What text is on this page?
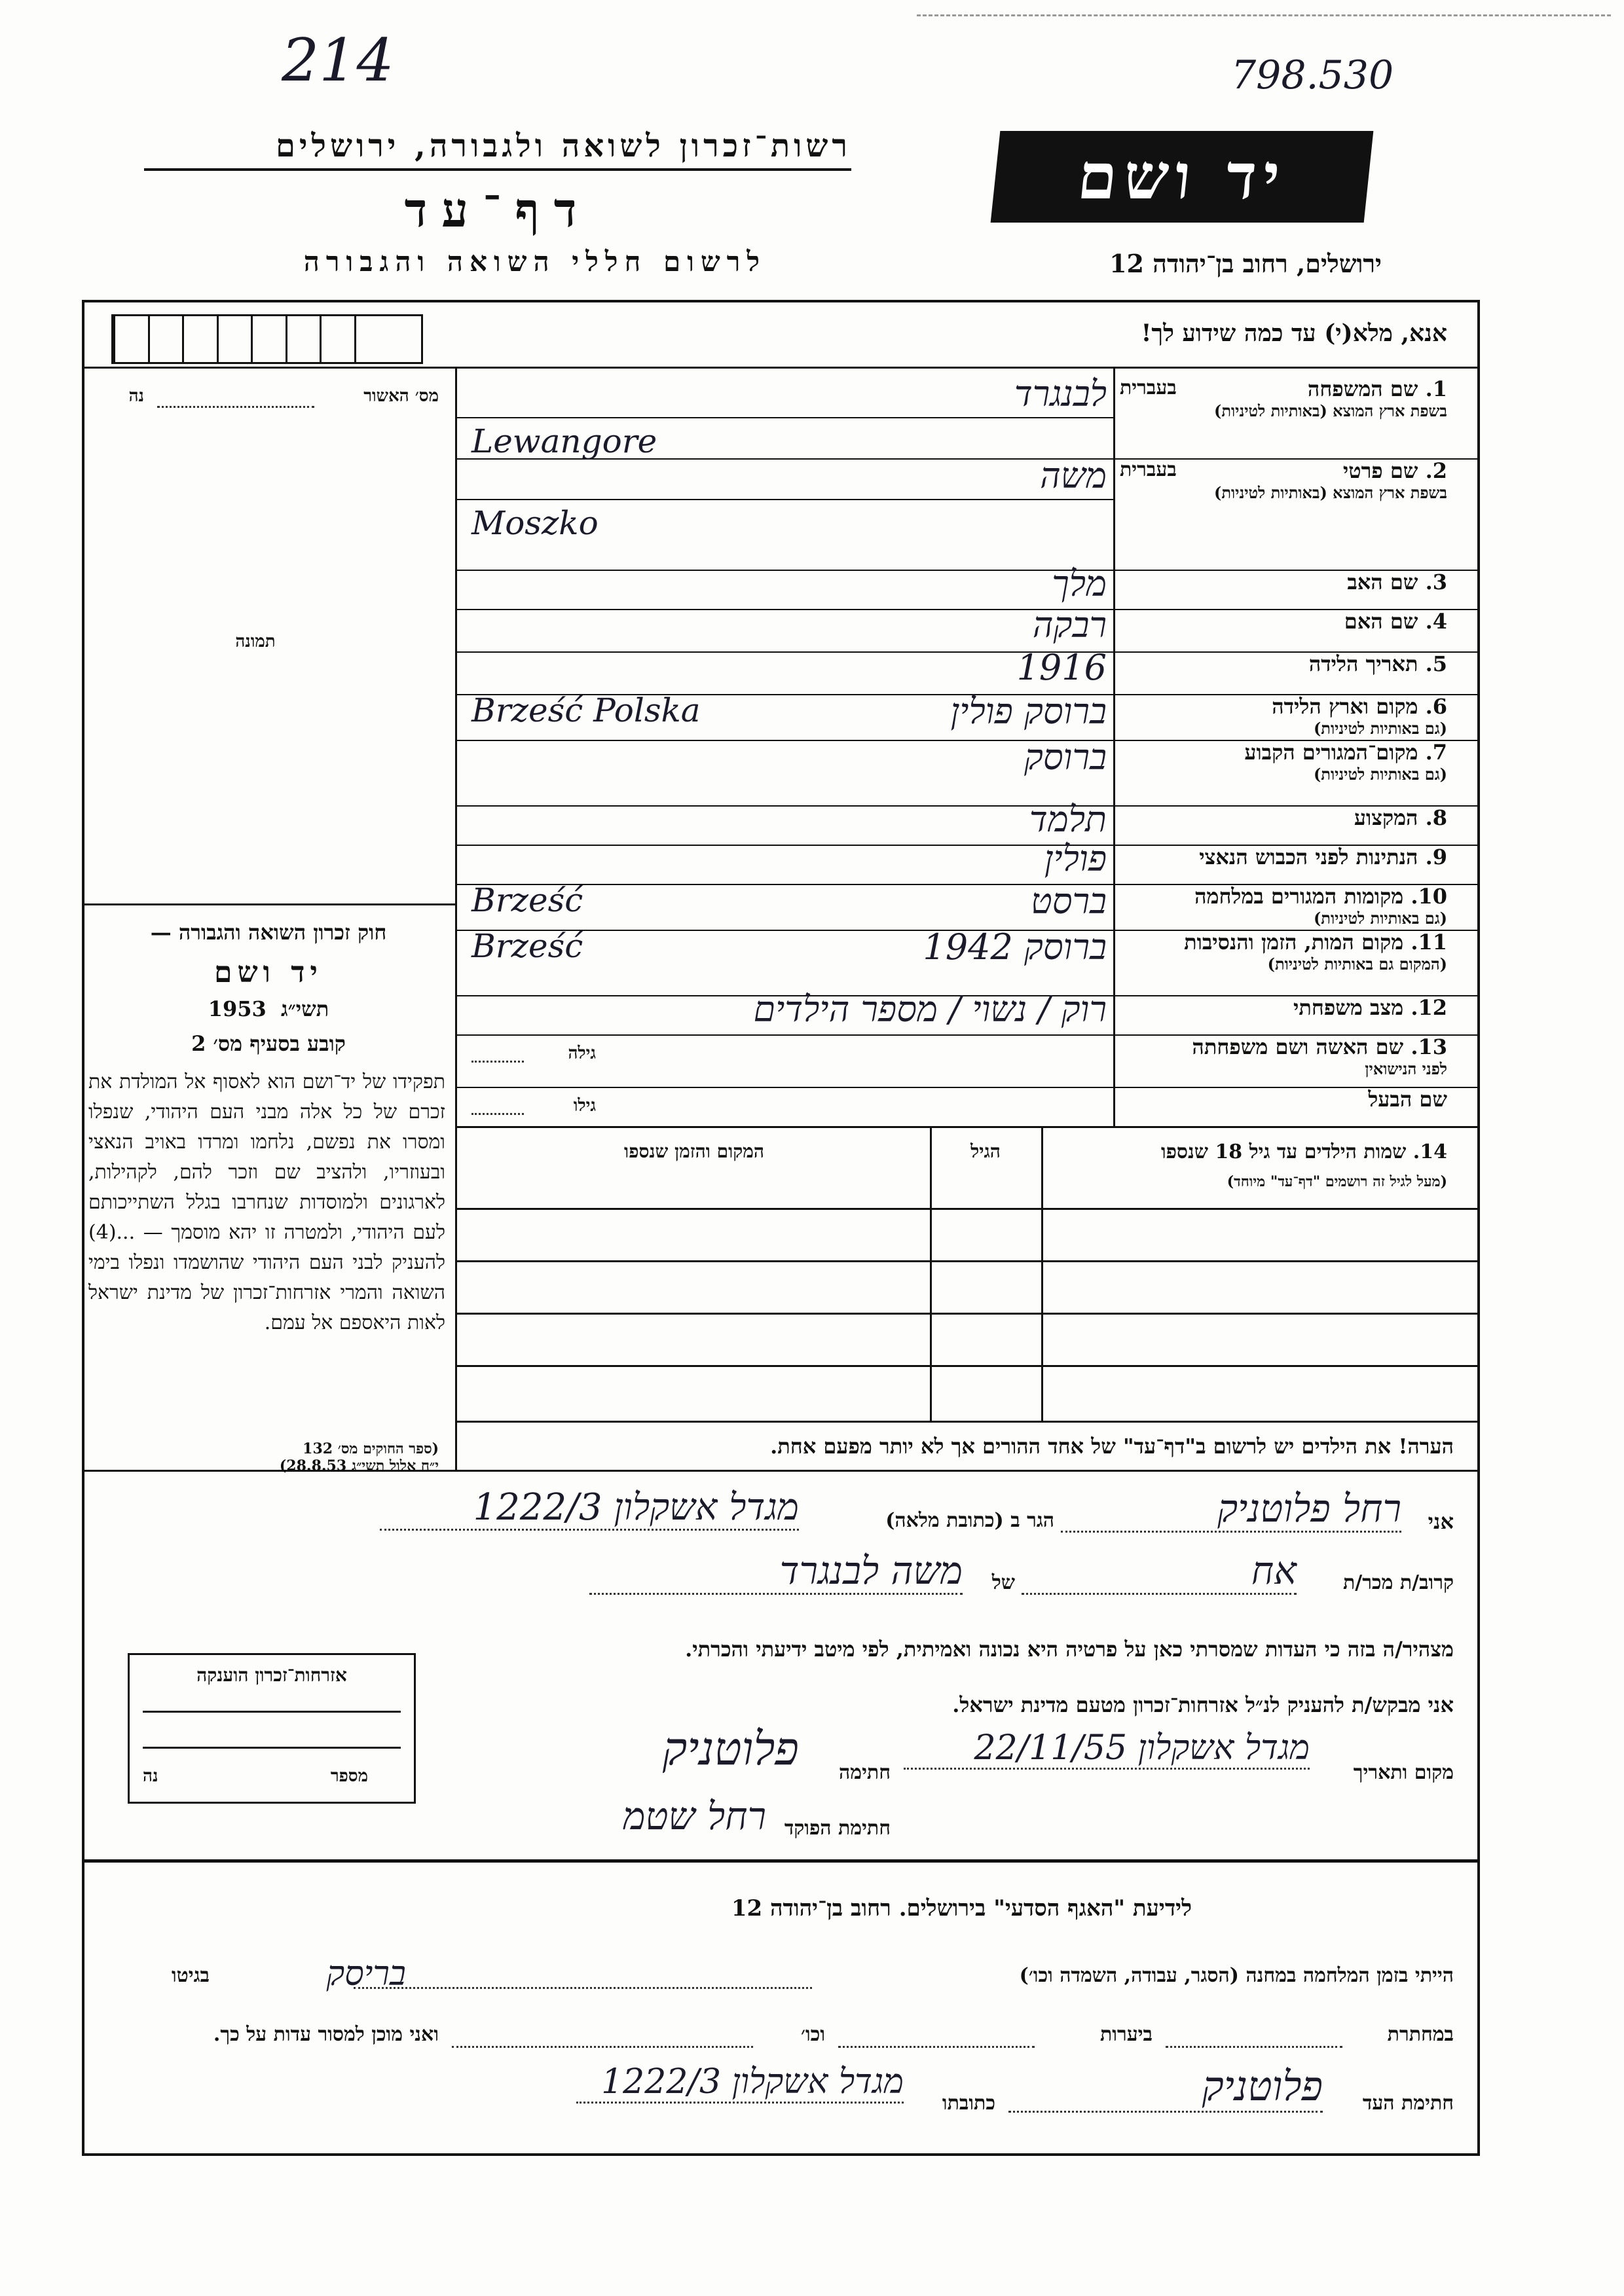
214	798.530
רשות־זכרון לשואה ולגבורה, ירושלים
דף־עד
לרשום חללי השואה והגבורה
יד ושם
ירושלים, רחוב בן־יהודה 12
אנא, מלא(י) עד כמה שידוע לך!
מס׳ האשור
נה
תמונה
חוק זכרון השואה והגבורה —
יד ושם
1953 תשי״ג
קובע בסעיף מס׳ 2
תפקידו של יד־ושם הוא לאסוף אל המולדת את זכרם של כל אלה מבני העם היהודי, שנפלו ומסרו את נפשם, נלחמו ומרדו באויב הנאצי ובעוזריו, ולהציב שם וזכר להם, לקהילות, לארגונים ולמוסדות שנחרבו בגלל השתייכותם לעם היהודי, ולמטרה זו יהא מוסמך — ...(4) להעניק לבני העם היהודי שהושמדו ונפלו בימי השואה והמרי אזרחות־זכרון של מדינת ישראל לאות היאספם אל עמם.
(ספר החוקים מס׳ 132
י״ח אלול תשי״ג 28.8.53)
1. שם המשפחה
בשפת ארץ המוצא (באותיות לטיניות)
בעברית
לבנגרד
Lewangore
2. שם פרטי
בשפת ארץ המוצא (באותיות לטיניות)
בעברית
משה
Moszko
3. שם האב
מלך
4. שם האם
רבקה
5. תאריך הלידה
1916
6. מקום וארץ הלידה
(גם באותיות לטיניות)
ברוסק פולין
Brześć Polska
7. מקום־המגורים הקבוע
(גם באותיות לטיניות)
ברוסק
8. המקצוע
תלמד
9. הנתינות לפני הכבוש הנאצי
פולין
10. מקומות המגורים במלחמה
(גם באותיות לטיניות)
ברסט
Brześć
11. מקום המות, הזמן והנסיבות
(המקום גם באותיות לטיניות)
ברוסק 1942
Brześć
12. מצב משפחתי
רוק / נשוי / מספר הילדים
13. שם האשה ושם משפחתה
לפני הנישואין
גילה
שם הבעל
גילו
14. שמות הילדים עד גיל 18 שנספו
(מעל לגיל זה רושמים "דף־עד" מיוחד)
הגיל
המקום והזמן שנספו
הערה! את הילדים יש לרשום ב"דף־עד" של אחד ההורים אך לא יותר מפעם אחת.
אני
רחל פלוטניק
הגר ב (כתובת מלאה)
מגדל אשקלון 1222/3
קרוב/ת מכר/ת
אח
של
משה לבנגרד
מצהיר/ה בזה כי העדות שמסרתי כאן על פרטיה היא נכונה ואמיתית, לפי מיטב ידיעתי והכרתי.
אני מבקש/ת להעניק לנ״ל אזרחות־זכרון מטעם מדינת ישראל.
מקום ותאריך
מגדל אשקלון 22/11/55
חתימה
פלוטניק
חתימת הפוקד
רחל שטמ
אזרחות־זכרון הוענקה
מספר
נה
לידיעת "האגף הסדעי" בירושלים. רחוב בן־יהודה 12
הייתי בזמן המלחמה במחנה (הסגר, עבודה, השמדה וכו׳)
בריסק
בגיטו
במחתרת
ביערות
וכו׳
ואני מוכן למסור עדות על כך.
חתימת העד
פלוטניק
כתובתו
מגדל אשקלון 1222/3
